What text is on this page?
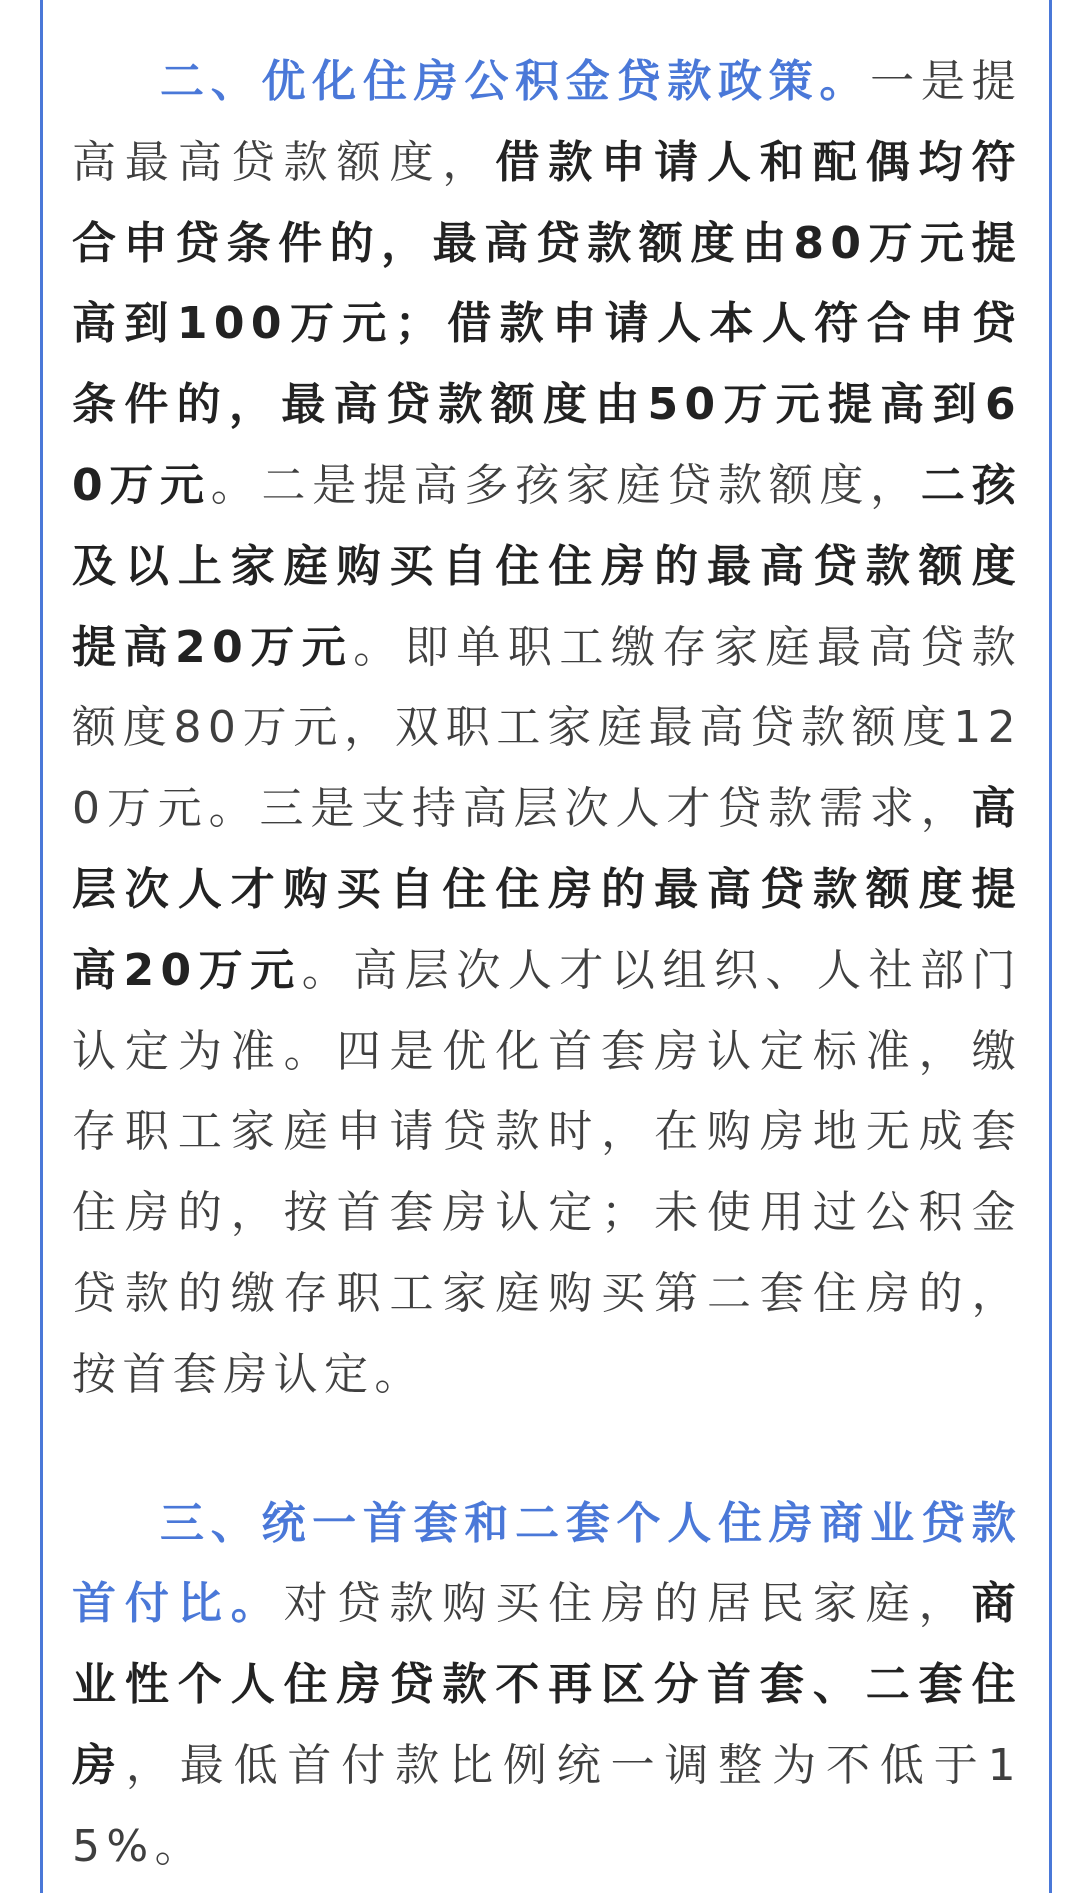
二、优化住房公积金贷款政策。一是提高最高贷款额度，借款申请人和配偶均符合申贷条件的，最高贷款额度由80万元提高到100万元；借款申请人本人符合申贷条件的，最高贷款额度由50万元提高到60万元。二是提高多孩家庭贷款额度，二孩及以上家庭购买自住住房的最高贷款额度提高20万元。即单职工缴存家庭最高贷款额度80万元，双职工家庭最高贷款额度120万元。三是支持高层次人才贷款需求，高层次人才购买自住住房的最高贷款额度提高20万元。高层次人才以组织、人社部门认定为准。四是优化首套房认定标准，缴存职工家庭申请贷款时，在购房地无成套住房的，按首套房认定；未使用过公积金贷款的缴存职工家庭购买第二套住房的，按首套房认定。

三、统一首套和二套个人住房商业贷款首付比。对贷款购买住房的居民家庭，商业性个人住房贷款不再区分首套、二套住房，最低首付款比例统一调整为不低于15%。
